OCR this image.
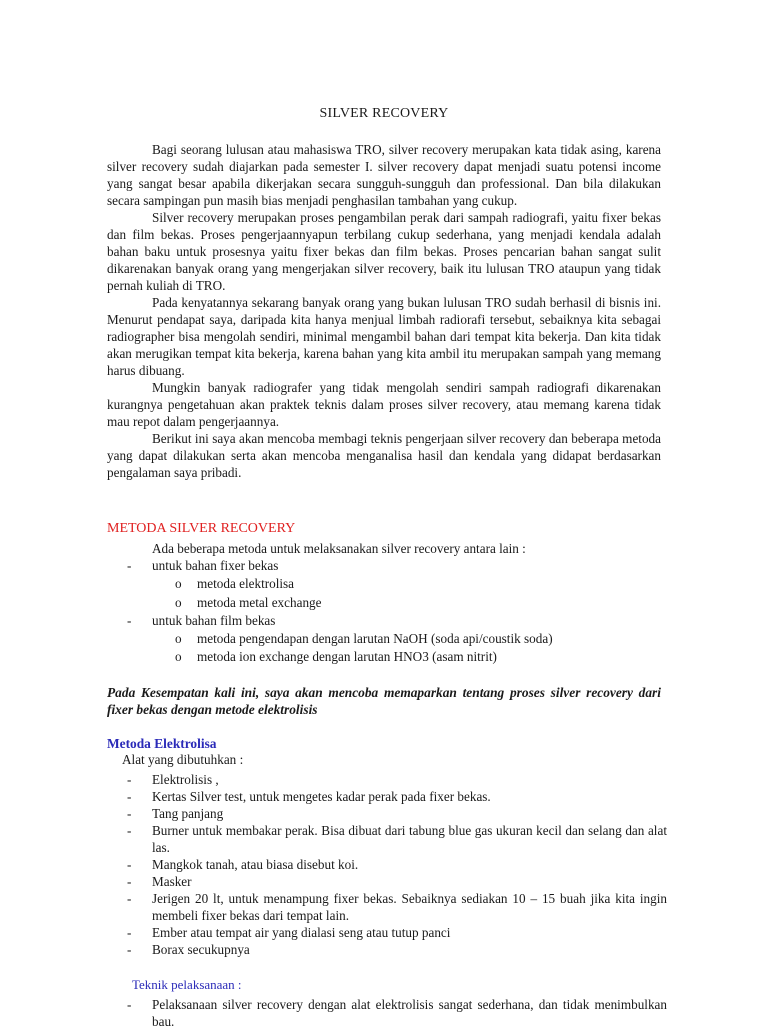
SILVER RECOVERY

Bagi seorang lulusan atau mahasiswa TRO, silver recovery merupakan kata tidak asing, karena silver recovery sudah diajarkan pada semester I. silver recovery dapat menjadi suatu potensi income yang sangat besar apabila dikerjakan secara sungguh-sungguh dan professional. Dan bila dilakukan secara sampingan pun masih bias menjadi penghasilan tambahan yang cukup.

Silver recovery merupakan proses pengambilan perak dari sampah radiografi, yaitu fixer bekas dan film bekas. Proses pengerjaannyapun terbilang cukup sederhana, yang menjadi kendala adalah bahan baku untuk prosesnya yaitu fixer bekas dan film bekas. Proses pencarian bahan sangat sulit dikarenakan banyak orang yang mengerjakan silver recovery, baik itu lulusan TRO ataupun yang tidak pernah kuliah di TRO.

Pada kenyatannya sekarang banyak orang yang bukan lulusan TRO sudah berhasil di bisnis ini. Menurut pendapat saya, daripada kita hanya menjual limbah radiorafi tersebut, sebaiknya kita sebagai radiographer bisa mengolah sendiri, minimal mengambil bahan dari tempat kita bekerja. Dan kita tidak akan merugikan tempat kita bekerja, karena bahan yang kita ambil itu merupakan sampah yang memang harus dibuang.

Mungkin banyak radiografer yang tidak mengolah sendiri sampah radiografi dikarenakan kurangnya pengetahuan akan praktek teknis dalam proses silver recovery, atau memang karena tidak mau repot dalam pengerjaannya.

Berikut ini saya akan mencoba membagi teknis pengerjaan silver recovery dan beberapa metoda yang dapat dilakukan serta akan mencoba menganalisa hasil dan kendala yang didapat berdasarkan pengalaman saya pribadi.

METODA SILVER RECOVERY
Ada beberapa metoda untuk melaksanakan silver recovery antara lain :
-	untuk bahan fixer bekas
o	metoda elektrolisa
o	metoda metal exchange
-	untuk bahan film bekas
o	metoda pengendapan dengan larutan NaOH (soda api/coustik soda)
o	metoda ion exchange dengan larutan HNO3 (asam nitrit)

Pada Kesempatan kali ini, saya akan mencoba memaparkan tentang proses silver recovery dari fixer bekas dengan metode elektrolisis

Metoda Elektrolisa
Alat yang dibutuhkan :
-	Elektrolisis ,
-	Kertas Silver test, untuk mengetes kadar perak pada fixer bekas.
-	Tang panjang
-	Burner untuk membakar perak. Bisa dibuat dari tabung blue gas ukuran kecil dan selang dan alat las.
-	Mangkok tanah, atau biasa disebut koi.
-	Masker
-	Jerigen 20 lt, untuk menampung fixer bekas. Sebaiknya sediakan 10 – 15 buah jika kita ingin membeli fixer bekas dari tempat lain.
-	Ember atau tempat air yang dialasi seng atau tutup panci
-	Borax secukupnya
Teknik pelaksanaan :
-	Pelaksanaan silver recovery dengan alat elektrolisis sangat sederhana, dan tidak menimbulkan bau.
